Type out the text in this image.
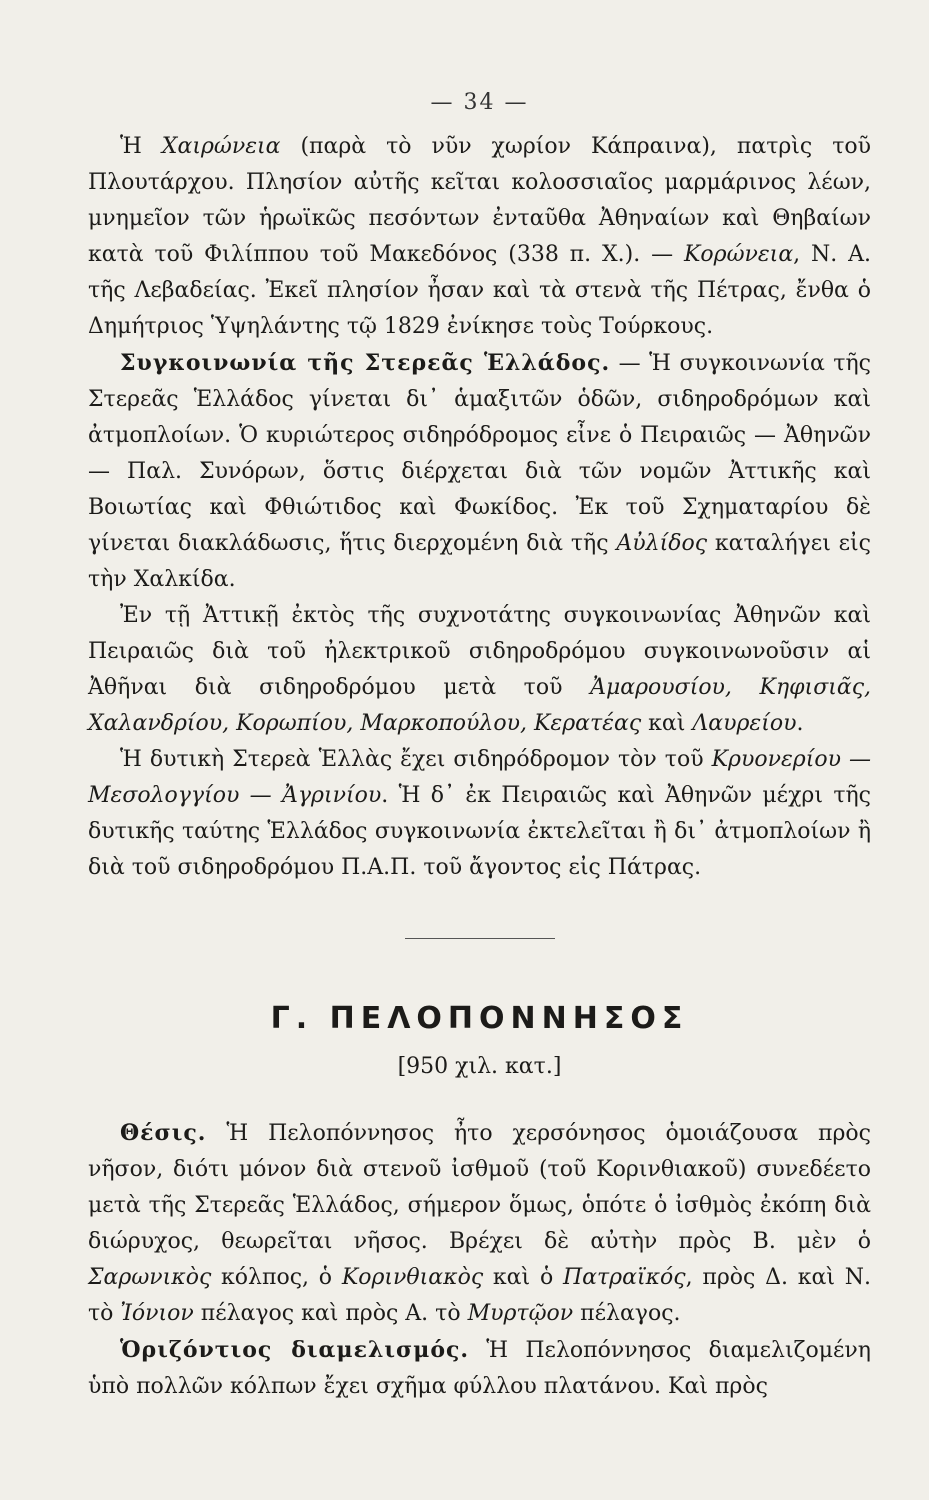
— 34 —

Ἡ Χαιρώνεια (παρὰ τὸ νῦν χωρίον Κάπραινα), πατρὶς τοῦ Πλουτάρχου. Πλησίον αὐτῆς κεῖται κολοσσιαῖος μαρμάρινος λέων, μνημεῖον τῶν ἡρωϊκῶς πεσόντων ἐνταῦθα Ἀθηναίων καὶ Θηβαίων κατὰ τοῦ Φιλίππου τοῦ Μακεδόνος (338 π. Χ.). — Κορώνεια, Ν. Α. τῆς Λεβαδείας. Ἐκεῖ πλησίον ἦσαν καὶ τὰ στενὰ τῆς Πέτρας, ἔνθα ὁ Δημήτριος Ὑψηλάντης τῷ 1829 ἐνίκησε τοὺς Τούρκους.

Συγκοινωνία τῆς Στερεᾶς Ἑλλάδος. — Ἡ συγκοινωνία τῆς Στερεᾶς Ἑλλάδος γίνεται δι᾽ ἁμαξιτῶν ὁδῶν, σιδηροδρόμων καὶ ἀτμοπλοίων. Ὁ κυριώτερος σιδηρόδρομος εἶνε ὁ Πειραιῶς — Ἀθηνῶν — Παλ. Συνόρων, ὅστις διέρχεται διὰ τῶν νομῶν Ἀττικῆς καὶ Βοιωτίας καὶ Φθιώτιδος καὶ Φωκίδος. Ἐκ τοῦ Σχηματαρίου δὲ γίνεται διακλάδωσις, ἥτις διερχομένη διὰ τῆς Αὐλίδος καταλήγει εἰς τὴν Χαλκίδα.

Ἐν τῇ Ἀττικῇ ἐκτὸς τῆς συχνοτάτης συγκοινωνίας Ἀθηνῶν καὶ Πειραιῶς διὰ τοῦ ἠλεκτρικοῦ σιδηροδρόμου συγκοινωνοῦσιν αἱ Ἀθῆναι διὰ σιδηροδρόμου μετὰ τοῦ Ἀμαρουσίου, Κηφισιᾶς, Χαλανδρίου, Κορωπίου, Μαρκοπούλου, Κερατέας καὶ Λαυρείου.

Ἡ δυτικὴ Στερεὰ Ἑλλὰς ἔχει σιδηρόδρομον τὸν τοῦ Κρυονερίου — Μεσολογγίου — Ἀγρινίου. Ἡ δ᾽ ἐκ Πειραιῶς καὶ Ἀθηνῶν μέχρι τῆς δυτικῆς ταύτης Ἑλλάδος συγκοινωνία ἐκτελεῖται ἢ δι᾽ ἀτμοπλοίων ἢ διὰ τοῦ σιδηροδρόμου Π.Α.Π. τοῦ ἄγοντος εἰς Πάτρας.

Γ. ΠΕΛΟΠΟΝΝΗΣΟΣ
[950 χιλ. κατ.]

Θέσις. Ἡ Πελοπόννησος ἦτο χερσόνησος ὁμοιάζουσα πρὸς νῆσον, διότι μόνον διὰ στενοῦ ἰσθμοῦ (τοῦ Κορινθιακοῦ) συνεδέετο μετὰ τῆς Στερεᾶς Ἑλλάδος, σήμερον ὅμως, ὁπότε ὁ ἰσθμὸς ἐκόπη διὰ διώρυχος, θεωρεῖται νῆσος. Βρέχει δὲ αὐτὴν πρὸς Β. μὲν ὁ Σαρωνικὸς κόλπος, ὁ Κορινθιακὸς καὶ ὁ Πατραϊκός, πρὸς Δ. καὶ Ν. τὸ Ἰόνιον πέλαγος καὶ πρὸς Α. τὸ Μυρτῷον πέλαγος.

Ὁριζόντιος διαμελισμός. Ἡ Πελοπόννησος διαμελιζομένη ὑπὸ πολλῶν κόλπων ἔχει σχῆμα φύλλου πλατάνου. Καὶ πρὸς
